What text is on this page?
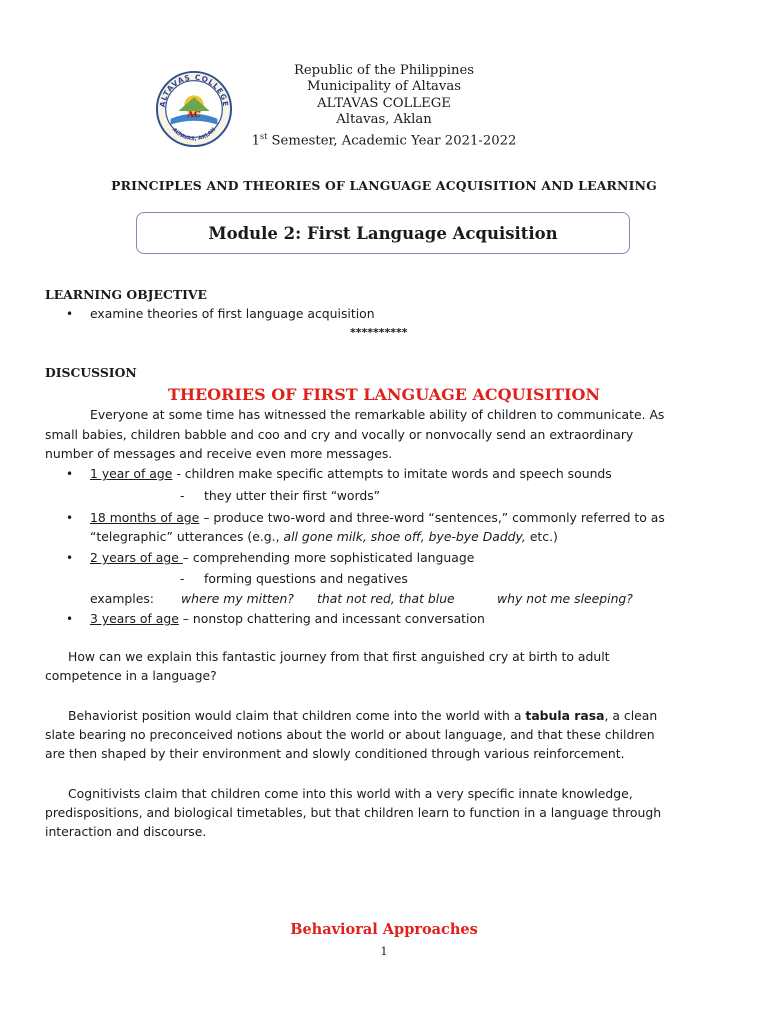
ALTAVAS COLLEGE
ALTAVAS, AKLAN
AC
Republic of the Philippines
Municipality of Altavas
ALTAVAS COLLEGE
Altavas, Aklan
1st Semester, Academic Year 2021-2022
PRINCIPLES AND THEORIES OF LANGUAGE ACQUISITION AND LEARNING
Module 2: First Language Acquisition
LEARNING OBJECTIVE
• examine theories of first language acquisition
**********
DISCUSSION
THEORIES OF FIRST LANGUAGE ACQUISITION
Everyone at some time has witnessed the remarkable ability of children to communicate. As
small babies, children babble and coo and cry and vocally or nonvocally send an extraordinary
number of messages and receive even more messages.
• 1 year of age - children make specific attempts to imitate words and speech sounds
- they utter their first “words”
• 18 months of age – produce two-word and three-word “sentences,” commonly referred to as
“telegraphic” utterances (e.g., all gone milk, shoe off, bye-bye Daddy, etc.)
• 2 years of age – comprehending more sophisticated language
- forming questions and negatives
examples: where my mitten? that not red, that blue	why not me sleeping?
• 3 years of age – nonstop chattering and incessant conversation
How can we explain this fantastic journey from that first anguished cry at birth to adult
competence in a language?
Behaviorist position would claim that children come into the world with a tabula rasa, a clean
slate bearing no preconceived notions about the world or about language, and that these children
are then shaped by their environment and slowly conditioned through various reinforcement.
Cognitivists claim that children come into this world with a very specific innate knowledge,
predispositions, and biological timetables, but that children learn to function in a language through
interaction and discourse.
Behavioral Approaches
1
